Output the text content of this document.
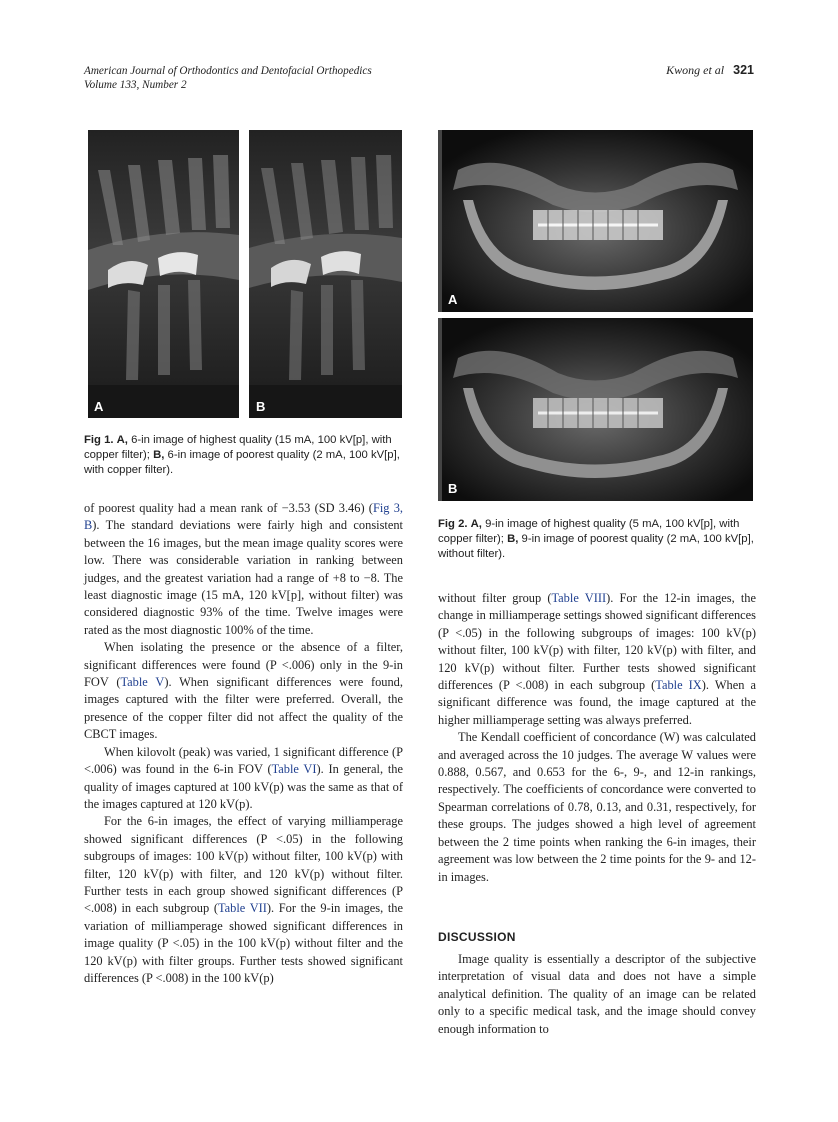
American Journal of Orthodontics and Dentofacial Orthopedics
Volume 133, Number 2
Kwong et al 321
A	B
Fig 1. A, 6-in image of highest quality (15 mA, 100 kV[p], with copper filter); B, 6-in image of poorest quality (2 mA, 100 kV[p], with copper filter).
A
B
Fig 2. A, 9-in image of highest quality (5 mA, 100 kV[p], with copper filter); B, 9-in image of poorest quality (2 mA, 100 kV[p], without filter).

of poorest quality had a mean rank of −3.53 (SD 3.46) (Fig 3, B). The standard deviations were fairly high and consistent between the 16 images, but the mean image quality scores were low. There was considerable variation in ranking between judges, and the greatest variation had a range of +8 to −8. The least diagnostic image (15 mA, 120 kV[p], without filter) was considered diagnostic 93% of the time. Twelve images were rated as the most diagnostic 100% of the time.

When isolating the presence or the absence of a filter, significant differences were found (P <.006) only in the 9-in FOV (Table V). When significant differences were found, images captured with the filter were preferred. Overall, the presence of the copper filter did not affect the quality of the CBCT images.

When kilovolt (peak) was varied, 1 significant difference (P <.006) was found in the 6-in FOV (Table VI). In general, the quality of images captured at 100 kV(p) was the same as that of the images captured at 120 kV(p).

For the 6-in images, the effect of varying milliamperage showed significant differences (P <.05) in the following subgroups of images: 100 kV(p) without filter, 100 kV(p) with filter, 120 kV(p) with filter, and 120 kV(p) without filter. Further tests in each group showed significant differences (P <.008) in each subgroup (Table VII). For the 9-in images, the variation of milliamperage showed significant differences in image quality (P <.05) in the 100 kV(p) without filter and the 120 kV(p) with filter groups. Further tests showed significant differences (P <.008) in the 100 kV(p)

without filter group (Table VIII). For the 12-in images, the change in milliamperage settings showed significant differences (P <.05) in the following subgroups of images: 100 kV(p) without filter, 100 kV(p) with filter, 120 kV(p) with filter, and 120 kV(p) without filter. Further tests showed significant differences (P <.008) in each subgroup (Table IX). When a significant difference was found, the image captured at the higher milliamperage setting was always preferred.

The Kendall coefficient of concordance (W) was calculated and averaged across the 10 judges. The average W values were 0.888, 0.567, and 0.653 for the 6-, 9-, and 12-in rankings, respectively. The coefficients of concordance were converted to Spearman correlations of 0.78, 0.13, and 0.31, respectively, for these groups. The judges showed a high level of agreement between the 2 time points when ranking the 6-in images, their agreement was low between the 2 time points for the 9- and 12-in images.

DISCUSSION

Image quality is essentially a descriptor of the subjective interpretation of visual data and does not have a simple analytical definition. The quality of an image can be related only to a specific medical task, and the image should convey enough information to
